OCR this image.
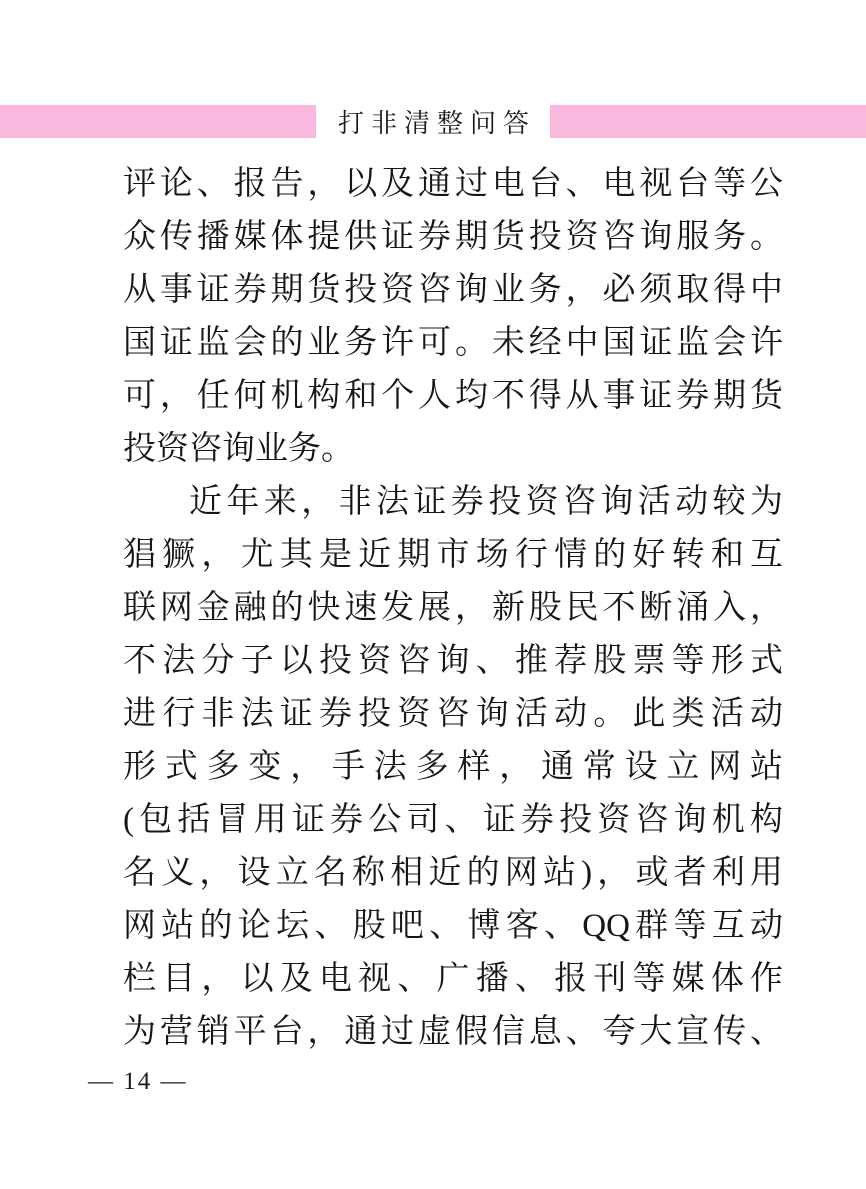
打非清整问答
评论、报告，以及通过电台、电视台等公
众传播媒体提供证券期货投资咨询服务。
从事证券期货投资咨询业务，必须取得中
国证监会的业务许可。未经中国证监会许
可，任何机构和个人均不得从事证券期货
投资咨询业务。
近年来，非法证券投资咨询活动较为
猖獗，尤其是近期市场行情的好转和互
联网金融的快速发展，新股民不断涌入，
不法分子以投资咨询、推荐股票等形式
进行非法证券投资咨询活动。此类活动
形式多变，手法多样，通常设立网站
(包括冒用证券公司、证券投资咨询机构
名义，设立名称相近的网站)，或者利用
网站的论坛、股吧、博客、QQ群等互动
栏目，以及电视、广播、报刊等媒体作
为营销平台，通过虚假信息、夸大宣传、
— 14 —
